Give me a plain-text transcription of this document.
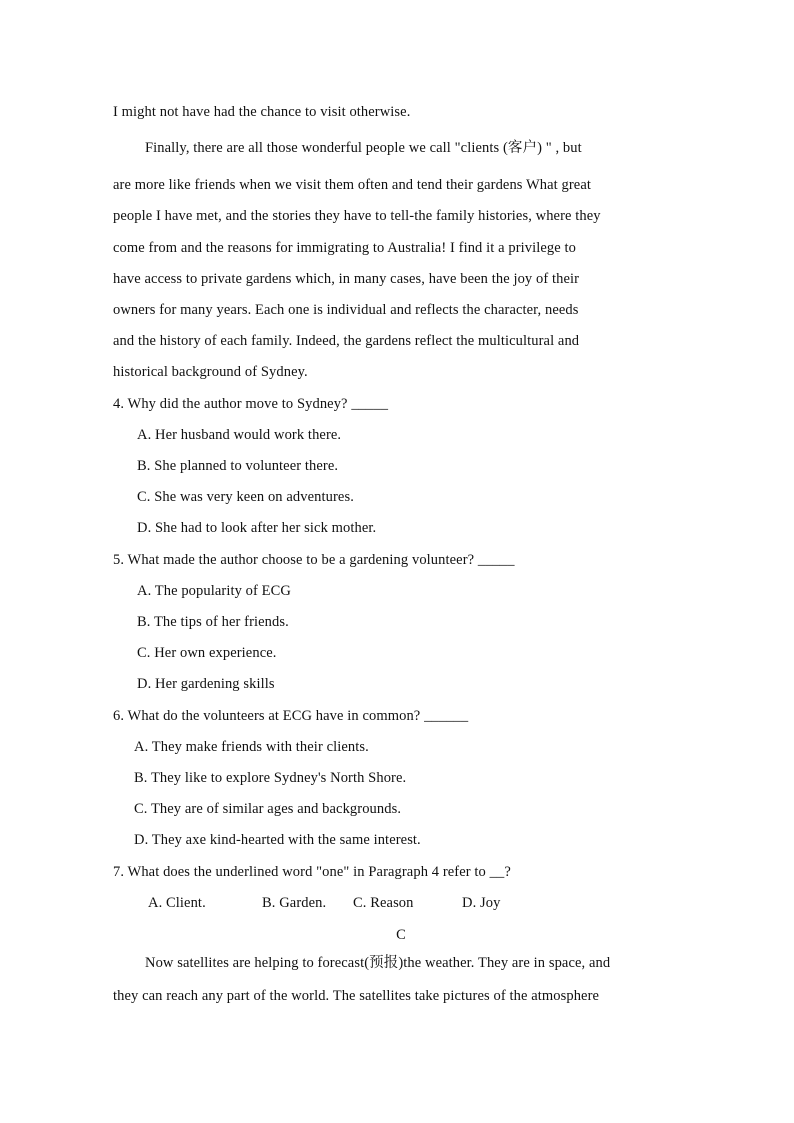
I might not have had the chance to visit otherwise.
Finally, there are all those wonderful people we call "clients (客户) " , but
are more like friends when we visit them often and tend their gardens What great
people I have met, and the stories they have to tell-the family histories, where they
come from and the reasons for immigrating to Australia! I find it a privilege to
have access to private gardens which, in many cases, have been the joy of their
owners for many years. Each one is individual and reflects the character, needs
and the history of each family. Indeed, the gardens reflect the multicultural and
historical background of Sydney.
4. Why did the author move to Sydney? _____
A. Her husband would work there.
B. She planned to volunteer there.
C. She was very keen on adventures.
D. She had to look after her sick mother.
5. What made the author choose to be a gardening volunteer? _____
A. The popularity of ECG
B. The tips of her friends.
C. Her own experience.
D. Her gardening skills
6. What do the volunteers at ECG have in common? ______
A. They make friends with their clients.
B. They like to explore Sydney's North Shore.
C. They are of similar ages and backgrounds.
D. They axe kind-hearted with the same interest.
7. What does the underlined word "one" in Paragraph 4 refer to __?
A. Client.	B. Garden. C. Reason	D. Joy
C
Now satellites are helping to forecast(预报)the weather. They are in space, and
they can reach any part of the world. The satellites take pictures of the atmosphere
